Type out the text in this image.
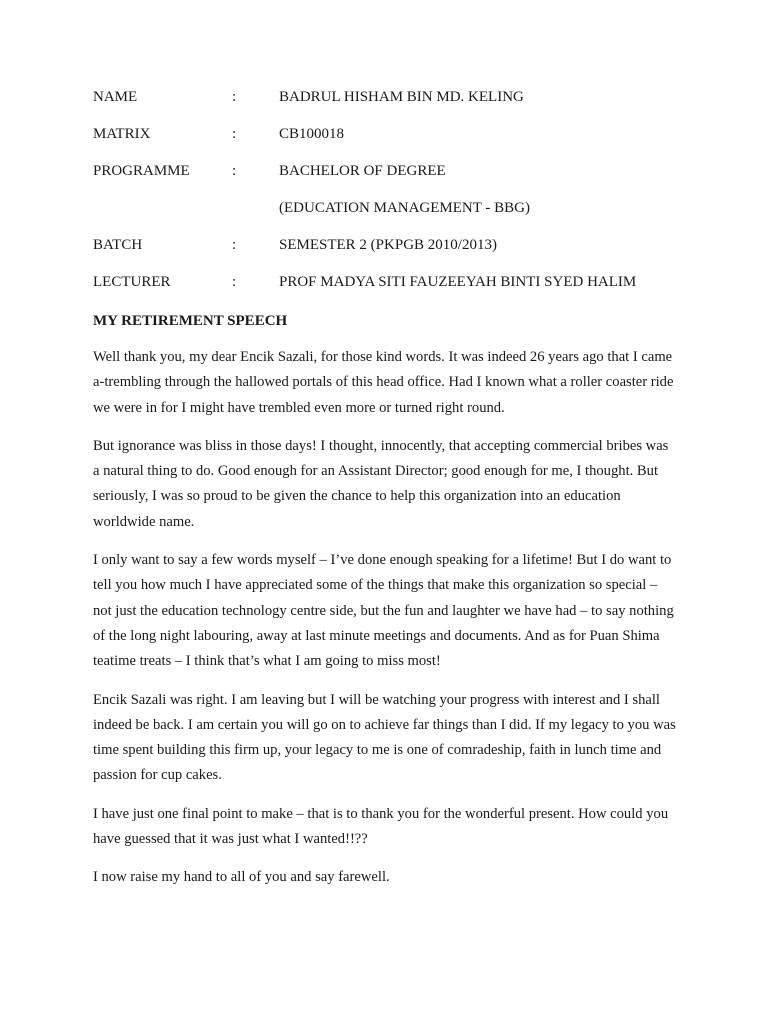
NAME	:	BADRUL HISHAM BIN MD. KELING
MATRIX	:	CB100018
PROGRAMME	:	BACHELOR OF DEGREE
(EDUCATION MANAGEMENT - BBG)
BATCH	:	SEMESTER 2 (PKPGB 2010/2013)
LECTURER	:	PROF MADYA SITI FAUZEEYAH BINTI SYED HALIM
MY RETIREMENT SPEECH

Well thank you, my dear Encik Sazali, for those kind words. It was indeed 26 years ago that I came a-trembling through the hallowed portals of this head office. Had I known what a roller coaster ride we were in for I might have trembled even more or turned right round.

But ignorance was bliss in those days! I thought, innocently, that accepting commercial bribes was a natural thing to do. Good enough for an Assistant Director; good enough for me, I thought. But seriously, I was so proud to be given the chance to help this organization into an education worldwide name.

I only want to say a few words myself – I’ve done enough speaking for a lifetime! But I do want to tell you how much I have appreciated some of the things that make this organization so special – not just the education technology centre side, but the fun and laughter we have had – to say nothing of the long night labouring, away at last minute meetings and documents. And as for Puan Shima teatime treats – I think that’s what I am going to miss most!

Encik Sazali was right. I am leaving but I will be watching your progress with interest and I shall indeed be back. I am certain you will go on to achieve far things than I did. If my legacy to you was time spent building this firm up, your legacy to me is one of comradeship, faith in lunch time and passion for cup cakes.

I have just one final point to make – that is to thank you for the wonderful present. How could you have guessed that it was just what I wanted!!??

I now raise my hand to all of you and say farewell.
